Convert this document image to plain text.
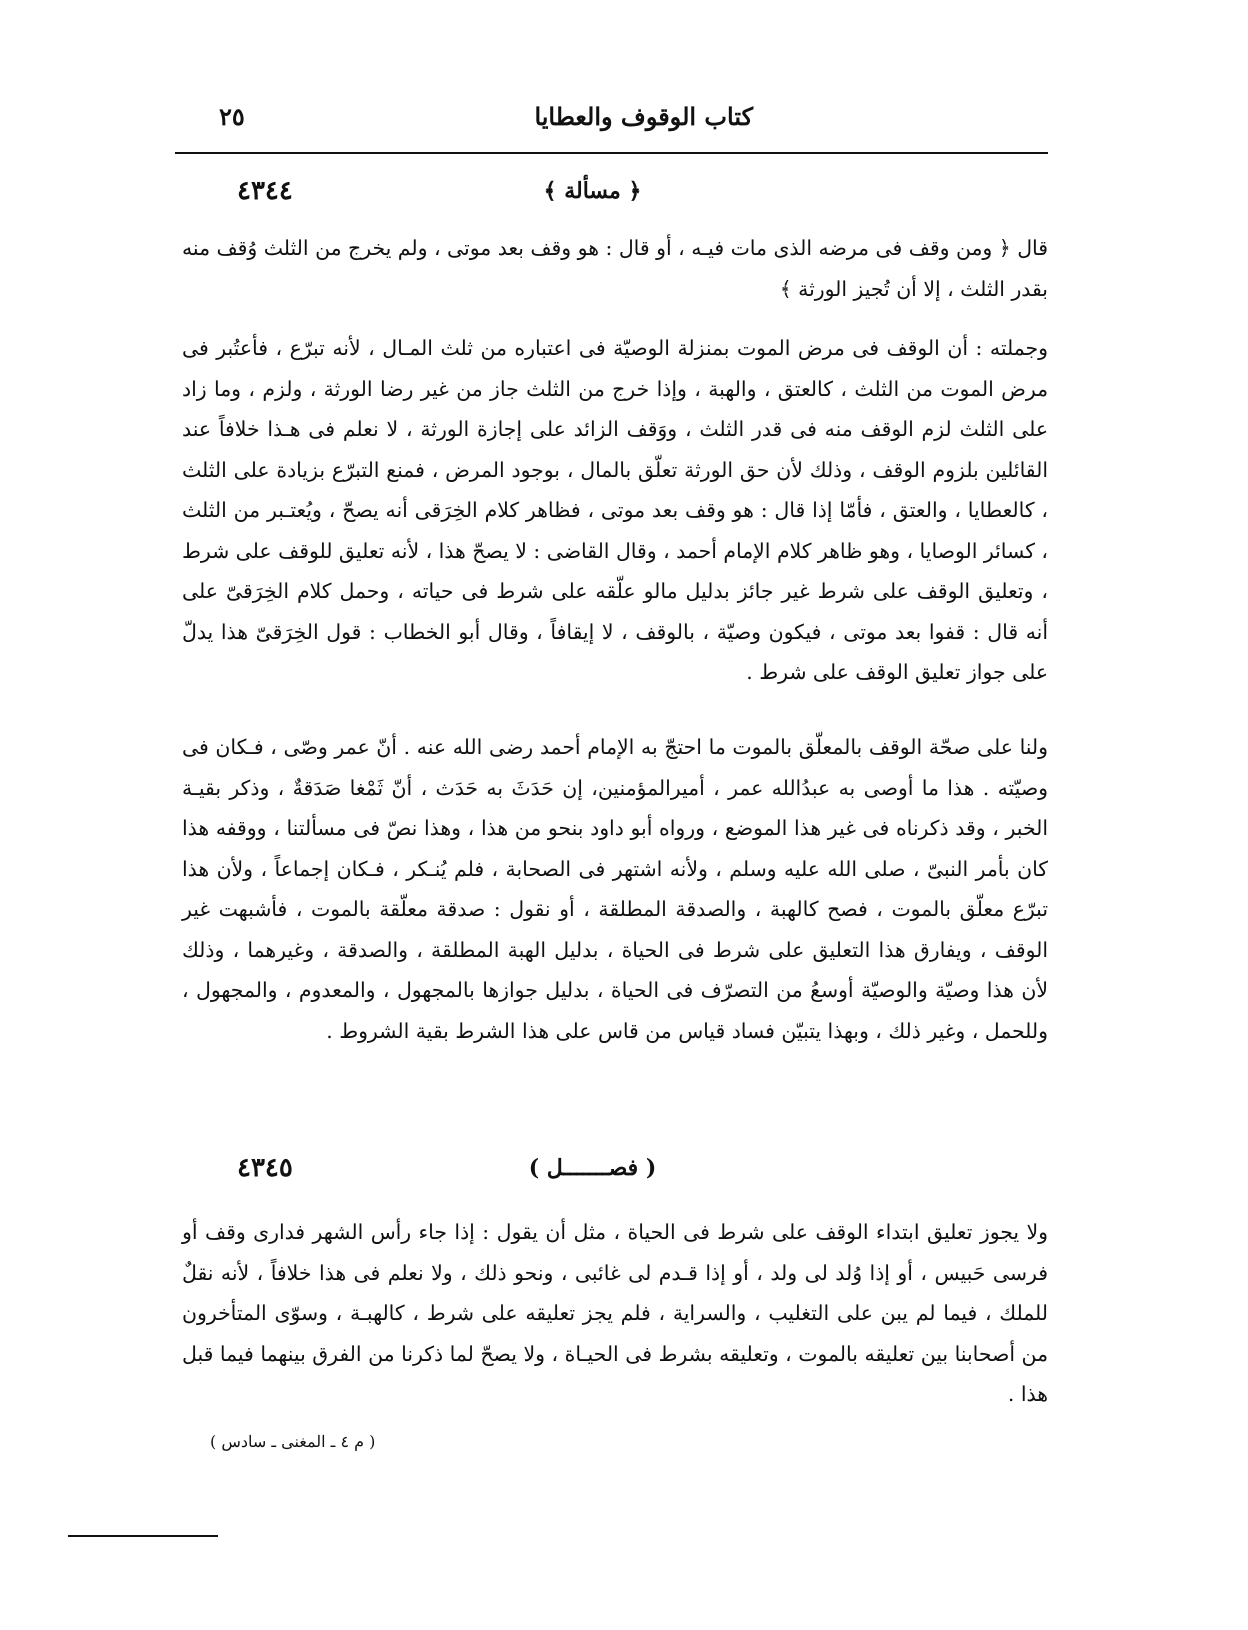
كتاب الوقوف والعطايا
٢٥
٤٣٤٤	﴿ مسألة ﴾

قال ﴿ ومن وقف فى مرضه الذى مات فيـه ، أو قال : هو وقف بعد موتى ، ولم يخرج من الثلث وُقف منه بقدر الثلث ، إلا أن تُجيز الورثة ﴾

وجملته : أن الوقف فى مرض الموت بمنزلة الوصيّة فى اعتباره من ثلث المـال ، لأنه تبرّع ، فأعتُبر فى مرض الموت من الثلث ، كالعتق ، والهبة ، وإذا خرج من الثلث جاز من غير رضا الورثة ، ولزم ، وما زاد على الثلث لزم الوقف منه فى قدر الثلث ، ووَقف الزائد على إجازة الورثة ، لا نعلم فى هـذا خلافاً عند القائلين بلزوم الوقف ، وذلك لأن حق الورثة تعلّق بالمال ، بوجود المرض ، فمنع التبرّع بزيادة على الثلث ، كالعطايا ، والعتق ، فأمّا إذا قال : هو وقف بعد موتى ، فظاهر كلام الخِرَقى أنه يصحّ ، ويُعتـبر من الثلث ، كسائر الوصايا ، وهو ظاهر كلام الإمام أحمد ، وقال القاضى : لا يصحّ هذا ، لأنه تعليق للوقف على شرط ، وتعليق الوقف على شرط غير جائز بدليل مالو علّقه على شرط فى حياته ، وحمل كلام الخِرَقىّ على أنه قال : قفوا بعد موتى ، فيكون وصيّة ، بالوقف ، لا إيقافاً ، وقال أبو الخطاب : قول الخِرَقىّ هذا يدلّ على جواز تعليق الوقف على شرط .

ولنا على صحّة الوقف بالمعلّق بالموت ما احتجّ به الإمام أحمد رضى الله عنه . أنّ عمر وصّى ، فـكان فى وصيّته . هذا ما أوصى به عبدُالله عمر ، أميرالمؤمنين، إن حَدَثَ به حَدَث ، أنّ ثَمْغا صَدَقةٌ ، وذكر بقيـة الخبر ، وقد ذكرناه فى غير هذا الموضع ، ورواه أبو داود بنحو من هذا ، وهذا نصّ فى مسألتنا ، ووقفه هذا كان بأمر النبىّ ، صلى الله عليه وسلم ، ولأنه اشتهر فى الصحابة ، فلم يُنـكر ، فـكان إجماعاً ، ولأن هذا تبرّع معلّق بالموت ، فصح كالهبة ، والصدقة المطلقة ، أو نقول : صدقة معلّقة بالموت ، فأشبهت غير الوقف ، ويفارق هذا التعليق على شرط فى الحياة ، بدليل الهبة المطلقة ، والصدقة ، وغيرهما ، وذلك لأن هذا وصيّة والوصيّة أوسعُ من التصرّف فى الحياة ، بدليل جوازها بالمجهول ، والمعدوم ، والمجهول ، وللحمل ، وغير ذلك ، وبهذا يتبيّن فساد قياس من قاس على هذا الشرط بقية الشروط .

٤٣٤٥	( فصـــــــل )

ولا يجوز تعليق ابتداء الوقف على شرط فى الحياة ، مثل أن يقول : إذا جاء رأس الشهر فدارى وقف أو فرسى حَبيس ، أو إذا وُلد لى ولد ، أو إذا قـدم لى غائبى ، ونحو ذلك ، ولا نعلم فى هذا خلافاً ، لأنه نقلٌ للملك ، فيما لم يبن على التغليب ، والسراية ، فلم يجز تعليقه على شرط ، كالهبـة ، وسوّى المتأخرون من أصحابنا بين تعليقه بالموت ، وتعليقه بشرط فى الحيـاة ، ولا يصحّ لما ذكرنا من الفرق بينهما فيما قبل هذا .

( م ٤ ـ المغنى ـ سادس )
